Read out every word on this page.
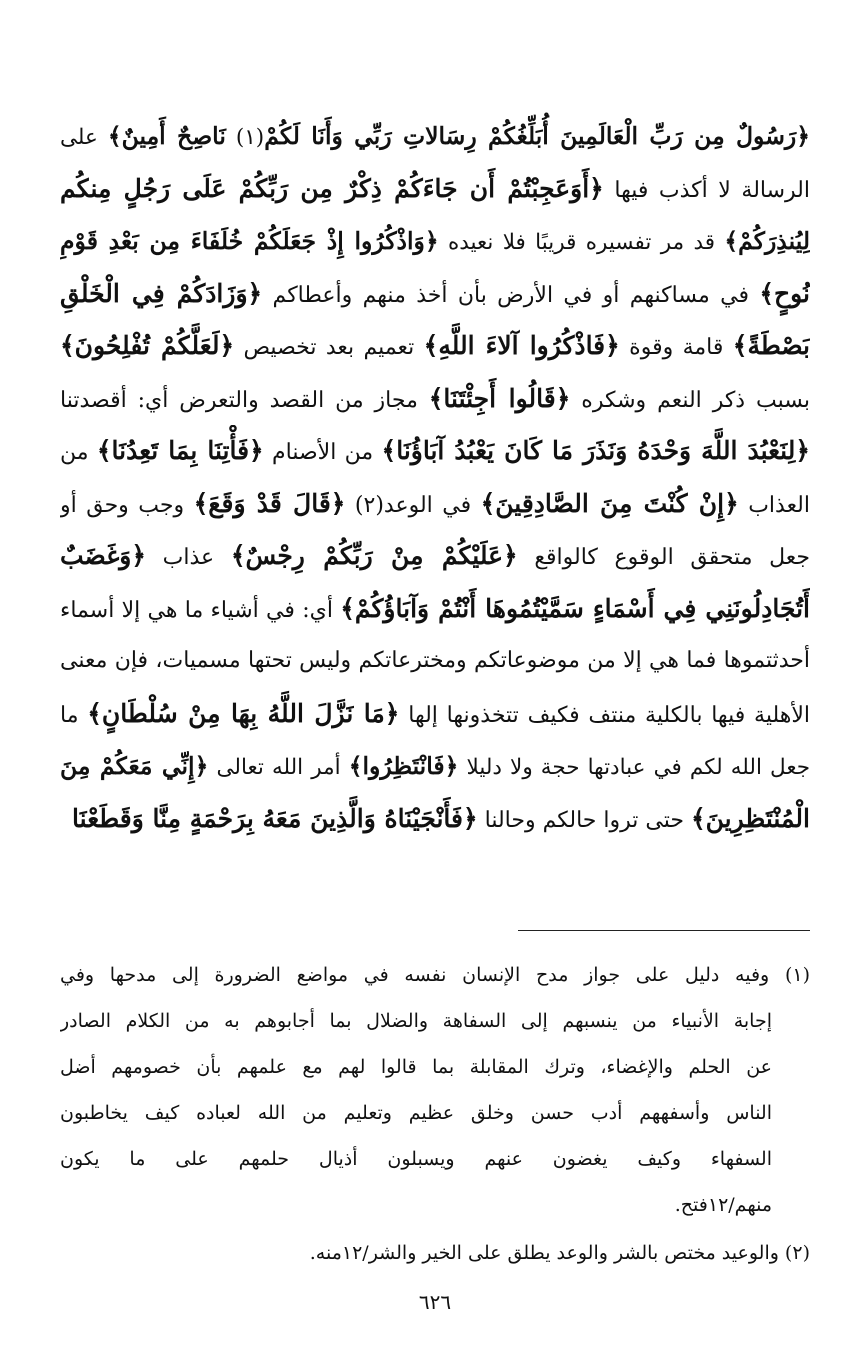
﴿رَسُولٌ مِن رَبِّ الْعَالَمِينَ أُبَلِّغُكُمْ رِسَالاتِ رَبِّي وَأَنَا لَكُمْ(١) نَاصِحٌ أَمِينٌ﴾ على
الرسالة لا أكذب فيها ﴿أَوَعَجِبْتُمْ أَن جَاءَكُمْ ذِكْرٌ مِن رَبِّكُمْ عَلَى رَجُلٍ مِنكُم
لِيُنذِرَكُمْ﴾ قد مر تفسيره قريبًا فلا نعيده ﴿وَاذْكُرُوا إِذْ جَعَلَكُمْ خُلَفَاءَ مِن بَعْدِ قَوْمِ
نُوحٍ﴾ في مساكنهم أو في الأرض بأن أخذ منهم وأعطاكم ﴿وَزَادَكُمْ فِي الْخَلْقِ
بَصْطَةً﴾ قامة وقوة ﴿فَاذْكُرُوا آلاءَ اللَّهِ﴾ تعميم بعد تخصيص ﴿لَعَلَّكُمْ تُفْلِحُونَ﴾
بسبب ذكر النعم وشكره ﴿قَالُوا أَجِئْتَنَا﴾ مجاز من القصد والتعرض أي: أقصدتنا
﴿لِنَعْبُدَ اللَّهَ وَحْدَهُ وَنَذَرَ مَا كَانَ يَعْبُدُ آبَاؤُنَا﴾ من الأصنام ﴿فَأْتِنَا بِمَا تَعِدُنَا﴾ من
العذاب ﴿إِنْ كُنْتَ مِنَ الصَّادِقِينَ﴾ في الوعد(٢) ﴿قَالَ قَدْ وَقَعَ﴾ وجب وحق أو
جعل متحقق الوقوع كالواقع ﴿عَلَيْكُمْ مِنْ رَبِّكُمْ رِجْسٌ﴾ عذاب ﴿وَغَضَبٌ
أَتُجَادِلُونَنِي فِي أَسْمَاءٍ سَمَّيْتُمُوهَا أَنْتُمْ وَآبَاؤُكُمْ﴾ أي: في أشياء ما هي إلا أسماء
أحدثتموها فما هي إلا من موضوعاتكم ومخترعاتكم وليس تحتها مسميات، فإن معنى
الأهلية فيها بالكلية منتف فكيف تتخذونها إلها ﴿مَا نَزَّلَ اللَّهُ بِهَا مِنْ سُلْطَانٍ﴾ ما
جعل الله لكم في عبادتها حجة ولا دليلا ﴿فَانْتَظِرُوا﴾ أمر الله تعالى ﴿إِنِّي مَعَكُمْ مِنَ
الْمُنْتَظِرِينَ﴾ حتى تروا حالكم وحالنا ﴿فَأَنْجَيْنَاهُ وَالَّذِينَ مَعَهُ بِرَحْمَةٍ مِنَّا وَقَطَعْنَا
(١) وفيه دليل على جواز مدح الإنسان نفسه في مواضع الضرورة إلى مدحها وفي
إجابة الأنبياء من ينسبهم إلى السفاهة والضلال بما أجابوهم به من الكلام الصادر
عن الحلم والإغضاء، وترك المقابلة بما قالوا لهم مع علمهم بأن خصومهم أضل
الناس وأسفههم أدب حسن وخلق عظيم وتعليم من الله لعباده كيف يخاطبون
السفهاء وكيف يغضون عنهم ويسبلون أذيال حلمهم على ما يكون
منهم/١٢فتح.
(٢) والوعيد مختص بالشر والوعد يطلق على الخير والشر/١٢منه.
٦٢٦
